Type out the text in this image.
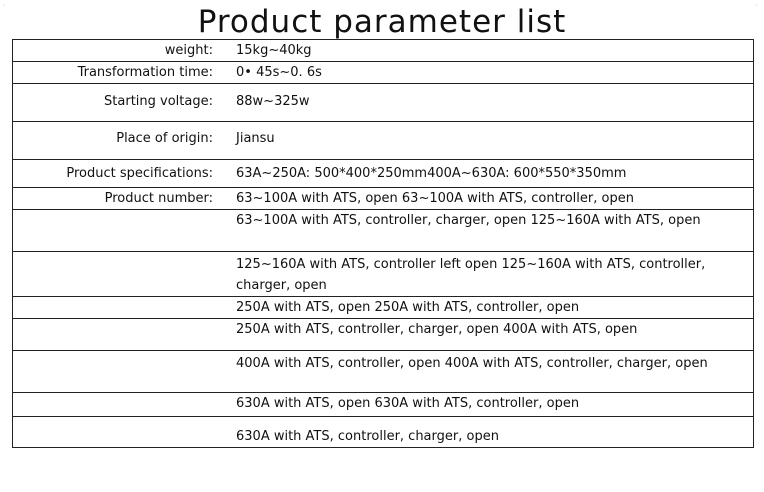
·	·
Product parameter list
weight:	15kg~40kg
Transformation time:	0• 45s~0. 6s
Starting voltage:	88w~325w
Place of origin:	Jiansu
Product specifications:	63A~250A: 500*400*250mm400A~630A: 600*550*350mm
Product number:	63~100A with ATS, open 63~100A with ATS, controller, open
	63~100A with ATS, controller, charger, open 125~160A with ATS, open
	125~160A with ATS, controller left open 125~160A with ATS, controller, charger, open
	250A with ATS, open 250A with ATS, controller, open
	250A with ATS, controller, charger, open 400A with ATS, open
	400A with ATS, controller, open 400A with ATS, controller, charger, open
	630A with ATS, open 630A with ATS, controller, open
	630A with ATS, controller, charger, open
